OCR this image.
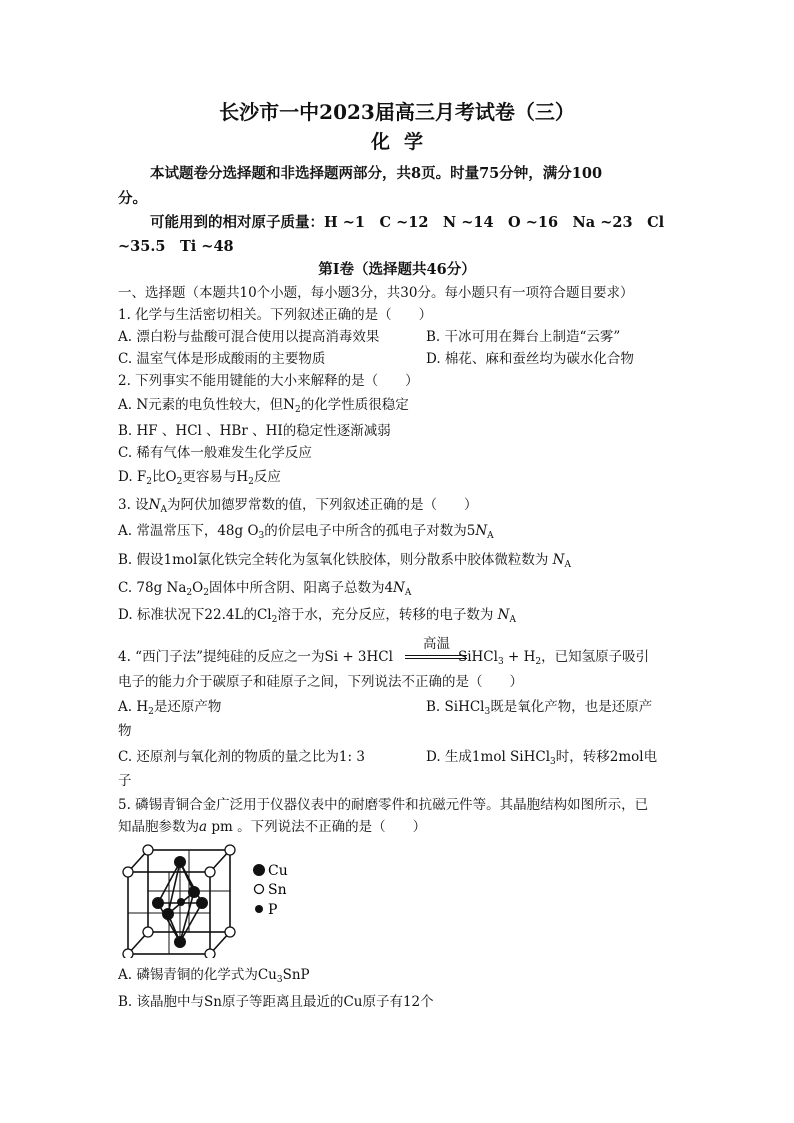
长沙市一中2023届高三月考试卷（三）
化学
本试题卷分选择题和非选择题两部分，共8页。时量75分钟，满分100
分。
可能用到的相对原子质量：H ~1　C ~12　N ~14　O ~16　Na ~23　Cl
~35.5　Ti ~48
第Ⅰ卷（选择题共46分）
一、选择题（本题共10个小题，每小题3分，共30分。每小题只有一项符合题目要求）
1. 化学与生活密切相关。下列叙述正确的是（　　）
A. 漂白粉与盐酸可混合使用以提高消毒效果	B. 干冰可用在舞台上制造“云雾”
C. 温室气体是形成酸雨的主要物质	D. 棉花、麻和蚕丝均为碳水化合物
2. 下列事实不能用键能的大小来解释的是（　　）
A. N元素的电负性较大，但$N_2$的化学性质很稳定
B. HF 、HCl 、HBr 、HI的稳定性逐渐减弱
C. 稀有气体一般难发生化学反应
D. $F_2$比$O_2$更容易与$H_2$反应
3. 设$N_A$为阿伏加德罗常数的值，下列叙述正确的是（　　）
A. 常温常压下，48g $O_3$的价层电子中所含的孤电子对数为$5N_A$
B. 假设1mol氯化铁完全转化为氢氧化铁胶体，则分散系中胶体微粒数为 $N_A$
C. 78g $Na_2O_2$固体中所含阴、阳离子总数为$4N_A$
D. 标准状况下22.4L的$Cl_2$溶于水，充分反应，转移的电子数为 $N_A$
高温
4. “西门子法”提纯硅的反应之一为Si + 3HCl	SiHCl$_3$ + $H_2$，已知氢原子吸引
电子的能力介于碳原子和硅原子之间，下列说法不正确的是（　　）
A. $H_2$是还原产物	B. SiHCl$_3$既是氧化产物，也是还原产
物
C. 还原剂与氧化剂的物质的量之比为1: 3	D. 生成1mol SiHCl$_3$时，转移2mol电
子
5. 磷锡青铜合金广泛用于仪器仪表中的耐磨零件和抗磁元件等。其晶胞结构如图所示，已
知晶胞参数为a pm 。下列说法不正确的是（　　）
Cu
Sn
P
A. 磷锡青铜的化学式为$Cu_3SnP$
B. 该晶胞中与Sn原子等距离且最近的Cu原子有12个
